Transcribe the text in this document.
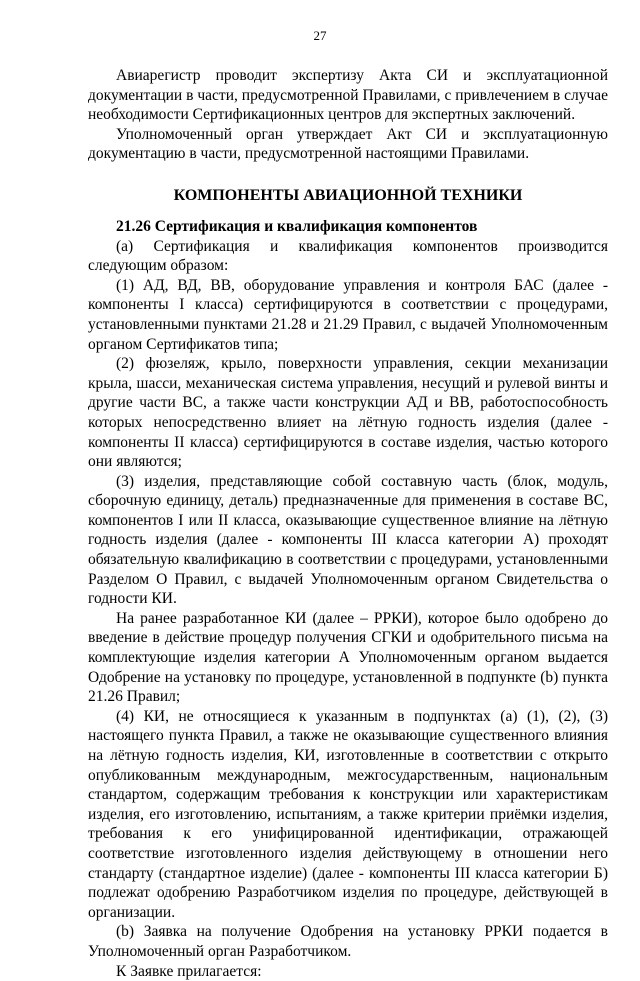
27

Авиарегистр проводит экспертизу Акта СИ и эксплуатационной документации в части, предусмотренной Правилами, с привлечением в случае необходимости Сертификационных центров для экспертных заключений.

Уполномоченный орган утверждает Акт СИ и эксплуатационную документацию в части, предусмотренной настоящими Правилами.

КОМПОНЕНТЫ АВИАЦИОННОЙ ТЕХНИКИ

21.26 Сертификация и квалификация компонентов

(а) Сертификация и квалификация компонентов производится следующим образом:

(1) АД, ВД, ВВ, оборудование управления и контроля БАС (далее - компоненты I класса) сертифицируются в соответствии с процедурами, установленными пунктами 21.28 и 21.29 Правил, с выдачей Уполномоченным органом Сертификатов типа;

(2) фюзеляж, крыло, поверхности управления, секции механизации крыла, шасси, механическая система управления, несущий и рулевой винты и другие части ВС, а также части конструкции АД и ВВ, работоспособность которых непосредственно влияет на лётную годность изделия (далее - компоненты II класса) сертифицируются в составе изделия, частью которого они являются;

(3) изделия, представляющие собой составную часть (блок, модуль, сборочную единицу, деталь) предназначенные для применения в составе ВС, компонентов I или II класса, оказывающие существенное влияние на лётную годность изделия (далее - компоненты III класса категории А) проходят обязательную квалификацию в соответствии с процедурами, установленными Разделом О Правил, с выдачей Уполномоченным органом Свидетельства о годности КИ.

На ранее разработанное КИ (далее – РРКИ), которое было одобрено до введение в действие процедур получения СГКИ и одобрительного письма на комплектующие изделия категории А Уполномоченным органом выдается Одобрение на установку по процедуре, установленной в подпункте (b) пункта 21.26 Правил;

(4) КИ, не относящиеся к указанным в подпунктах (а) (1), (2), (3) настоящего пункта Правил, а также не оказывающие существенного влияния на лётную годность изделия, КИ, изготовленные в соответствии с открыто опубликованным международным, межгосударственным, национальным стандартом, содержащим требования к конструкции или характеристикам изделия, его изготовлению, испытаниям, а также критерии приёмки изделия, требования к его унифицированной идентификации, отражающей соответствие изготовленного изделия действующему в отношении него стандарту (стандартное изделие) (далее - компоненты III класса категории Б) подлежат одобрению Разработчиком изделия по процедуре, действующей в организации.

(b) Заявка на получение Одобрения на установку РРКИ подается в Уполномоченный орган Разработчиком.

К Заявке прилагается:
